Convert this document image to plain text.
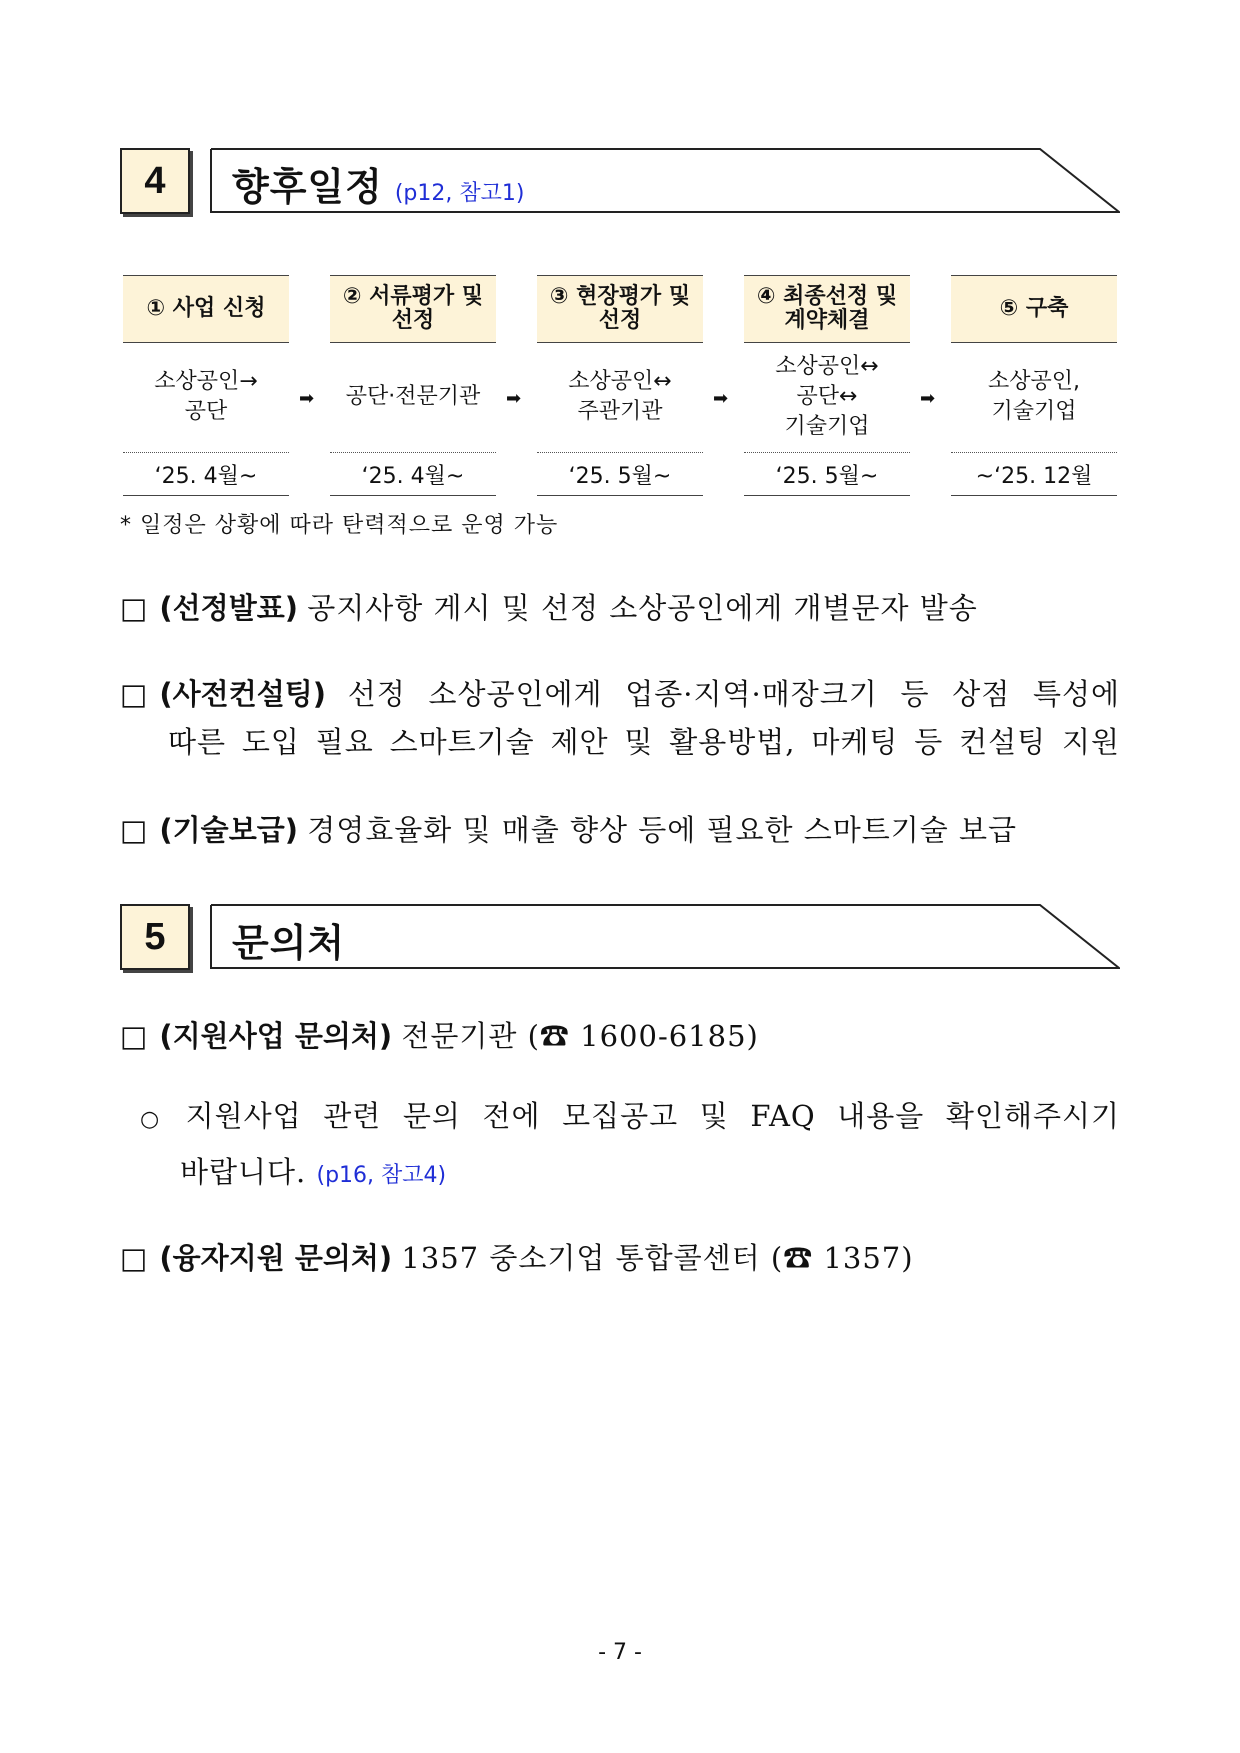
4	향후일정 (p12, 참고1)
① 사업 신청
소상공인→
공단
‘25. 4월~
➡
② 서류평가 및
선정
공단·전문기관
‘25. 4월~
➡
③ 현장평가 및
선정
소상공인↔
주관기관
‘25. 5월~
➡
④ 최종선정 및
계약체결
소상공인↔
공단↔
기술기업
‘25. 5월~
➡
⑤ 구축
소상공인,
기술기업
~‘25. 12월
* 일정은 상황에 따라 탄력적으로 운영 가능
□ (선정발표) 공지사항 게시 및 선정 소상공인에게 개별문자 발송
□ (사전컨설팅) 선정 소상공인에게 업종·지역·매장크기 등 상점 특성에
따른 도입 필요 스마트기술 제안 및 활용방법, 마케팅 등 컨설팅 지원
□ (기술보급) 경영효율화 및 매출 향상 등에 필요한 스마트기술 보급
5	문의처
□ (지원사업 문의처) 전문기관 (☎ 1600-6185)
○ 지원사업 관련 문의 전에 모집공고 및 FAQ 내용을 확인해주시기
바랍니다. (p16, 참고4)
□ (융자지원 문의처) 1357 중소기업 통합콜센터 (☎ 1357)
- 7 -
